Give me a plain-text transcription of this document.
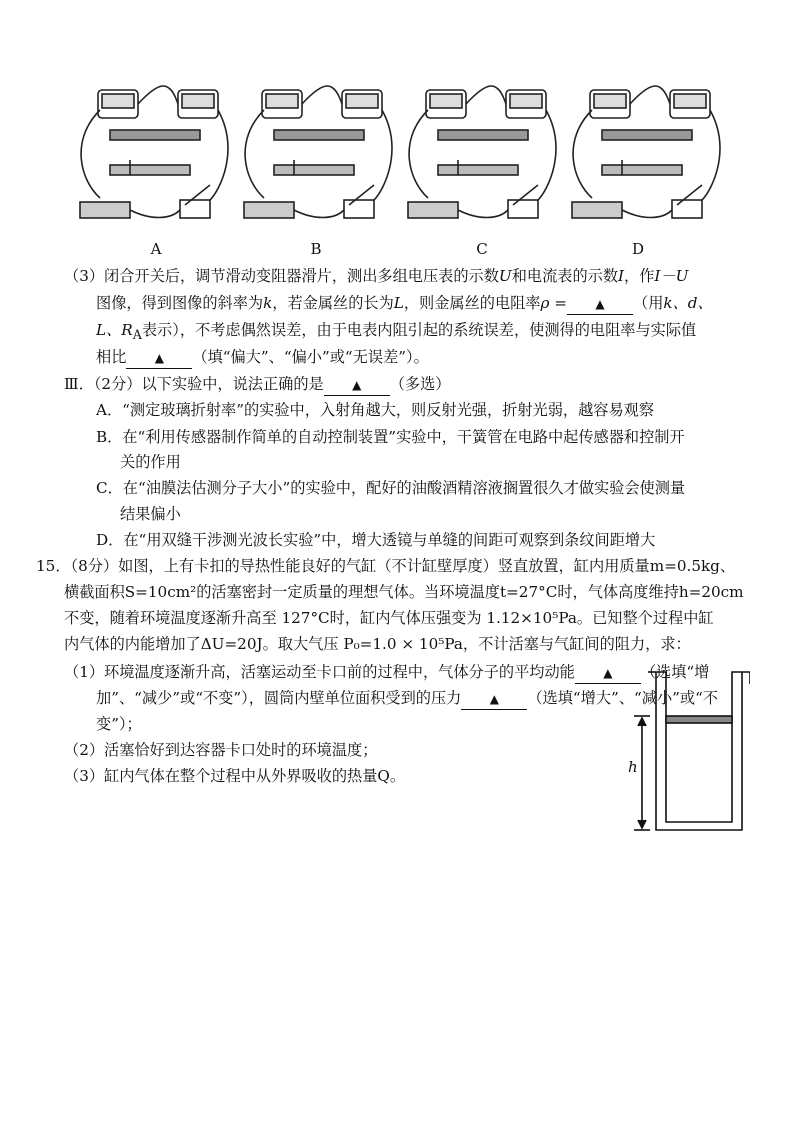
A	B	C	D
（3）闭合开关后，调节滑动变阻器滑片，测出多组电压表的示数U和电流表的示数I，作I－U
图像，得到图像的斜率为k，若金属丝的长为L，则金属丝的电阻率ρ = ▲ （用k、d、
L、$R_A$表示），不考虑偶然误差，由于电表内阻引起的系统误差，使测得的电阻率与实际值
相比 ▲ （填“偏大”、“偏小”或“无误差”）。
Ⅲ．（2分）以下实验中，说法正确的是 ▲ （多选）
A．“测定玻璃折射率”的实验中，入射角越大，则反射光强，折射光弱，越容易观察
B．在“利用传感器制作简单的自动控制装置”实验中，干簧管在电路中起传感器和控制开
关的作用
C．在“油膜法估测分子大小”的实验中，配好的油酸酒精溶液搁置很久才做实验会使测量
结果偏小
D．在“用双缝干涉测光波长实验”中，增大透镜与单缝的间距可观察到条纹间距增大
15．（8分）如图，上有卡扣的导热性能良好的气缸（不计缸壁厚度）竖直放置，缸内用质量m=0.5kg、
横截面积S=10cm²的活塞密封一定质量的理想气体。当环境温度t=27°C时，气体高度维持h=20cm
不变，随着环境温度逐渐升高至 127°C时，缸内气体压强变为 1.12×10⁵Pa。已知整个过程中缸
内气体的内能增加了ΔU=20J。取大气压 P₀=1.0 × 10⁵Pa，不计活塞与气缸间的阻力，求：
（1）环境温度逐渐升高，活塞运动至卡口前的过程中，气体分子的平均动能 ▲ （选填“增
加”、“减少”或“不变”），圆筒内壁单位面积受到的压力 ▲ （选填“增大”、“减小”或“不
变”）；
（2）活塞恰好到达容器卡口处时的环境温度；
（3）缸内气体在整个过程中从外界吸收的热量Q。	h
